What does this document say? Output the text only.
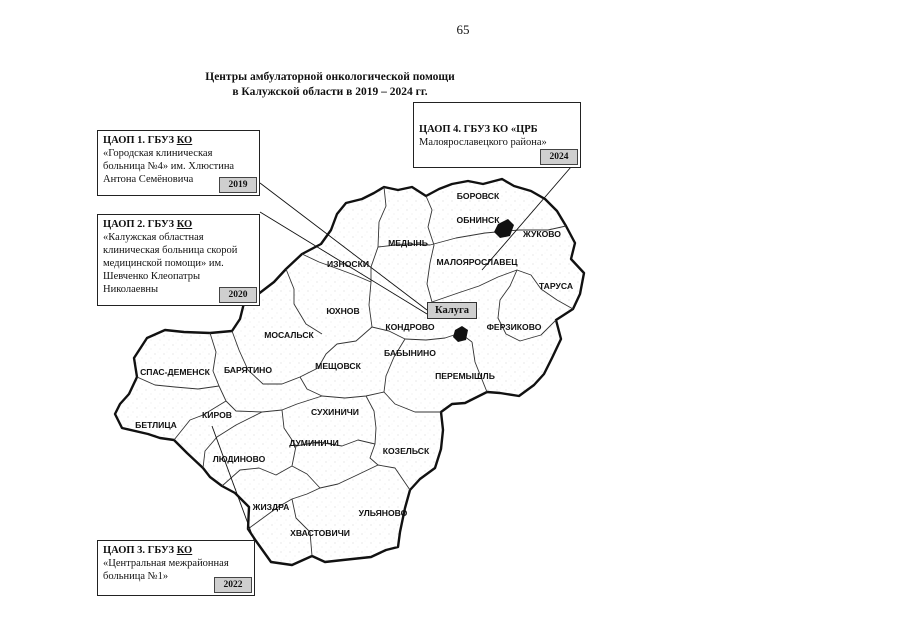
65
Центры амбулаторной онкологической помощи
в Калужской области в 2019 – 2024 гг.
БОРОВСК
ОБНИНСК
ЖУКОВО
МЕДЫНЬ
МАЛОЯРОСЛАВЕЦ
ИЗНОСКИ
ТАРУСА
ЮХНОВ
МОСАЛЬСК
КОНДРОВО	ФЕРЗИКОВО
БАБЫНИНО
СПАС-ДЕМЕНСК БАРЯТИНО	МЕЩОВСК
ПЕРЕМЫШЛЬ
КИРОВ	СУХИНИЧИ
БЕТЛИЦА
ДУМИНИЧИ
КОЗЕЛЬСК
ЛЮДИНОВО
ЖИЗДРА
УЛЬЯНОВО
ХВАСТОВИЧИ
Калуга
ЦАОП 1. ГБУЗ КО
«Городская клиническая
больница №4» им. Хлюстина
Антона Семёновича	2019
ЦАОП 2. ГБУЗ КО
«Калужская областная
клиническая больница скорой
медицинской помощи» им.
Шевченко Клеопатры
Николаевны	2020
ЦАОП 3. ГБУЗ КО
«Центральная межрайонная
больница №1»
2022
ЦАОП 4. ГБУЗ КО «ЦРБ
Малоярославецкого района»
2024
